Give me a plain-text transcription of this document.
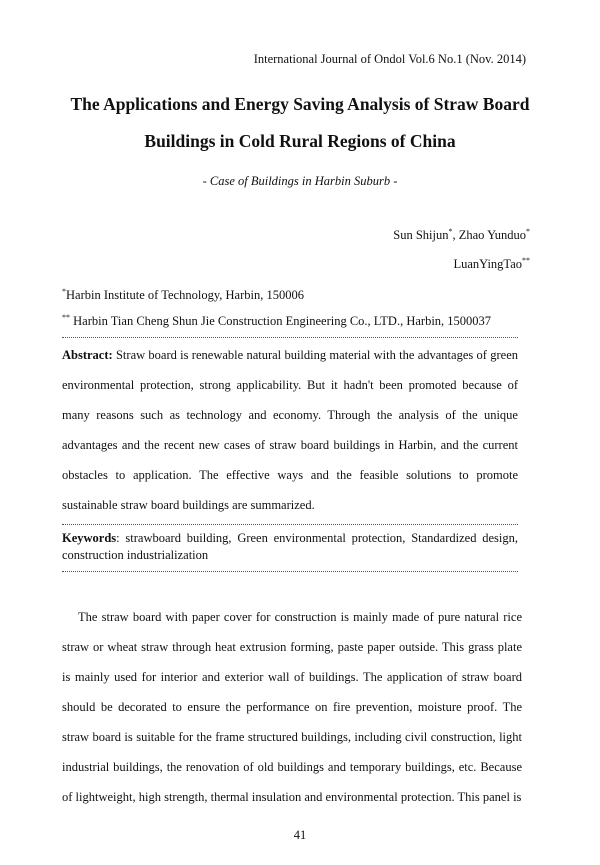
International Journal of Ondol Vol.6 No.1 (Nov. 2014)
The Applications and Energy Saving Analysis of Straw Board
Buildings in Cold Rural Regions of China
- Case of Buildings in Harbin Suburb -
Sun Shijun*, Zhao Yunduo*
LuanYingTao**
*Harbin Institute of Technology, Harbin, 150006
** Harbin Tian Cheng Shun Jie Construction Engineering Co., LTD., Harbin, 1500037
Abstract: Straw board is renewable natural building material with the advantages of green environmental protection, strong applicability. But it hadn't been promoted because of many reasons such as technology and economy. Through the analysis of the unique advantages and the recent new cases of straw board buildings in Harbin, and the current obstacles to application. The effective ways and the feasible solutions to promote sustainable straw board buildings are summarized.
Keywords: strawboard building, Green environmental protection, Standardized design, construction industrialization
The straw board with paper cover for construction is mainly made of pure natural rice straw or wheat straw through heat extrusion forming, paste paper outside. This grass plate is mainly used for interior and exterior wall of buildings. The application of straw board should be decorated to ensure the performance on fire prevention, moisture proof. The straw board is suitable for the frame structured buildings, including civil construction, light industrial buildings, the renovation of old buildings and temporary buildings, etc. Because of lightweight, high strength, thermal insulation and environmental protection. This panel is
41
